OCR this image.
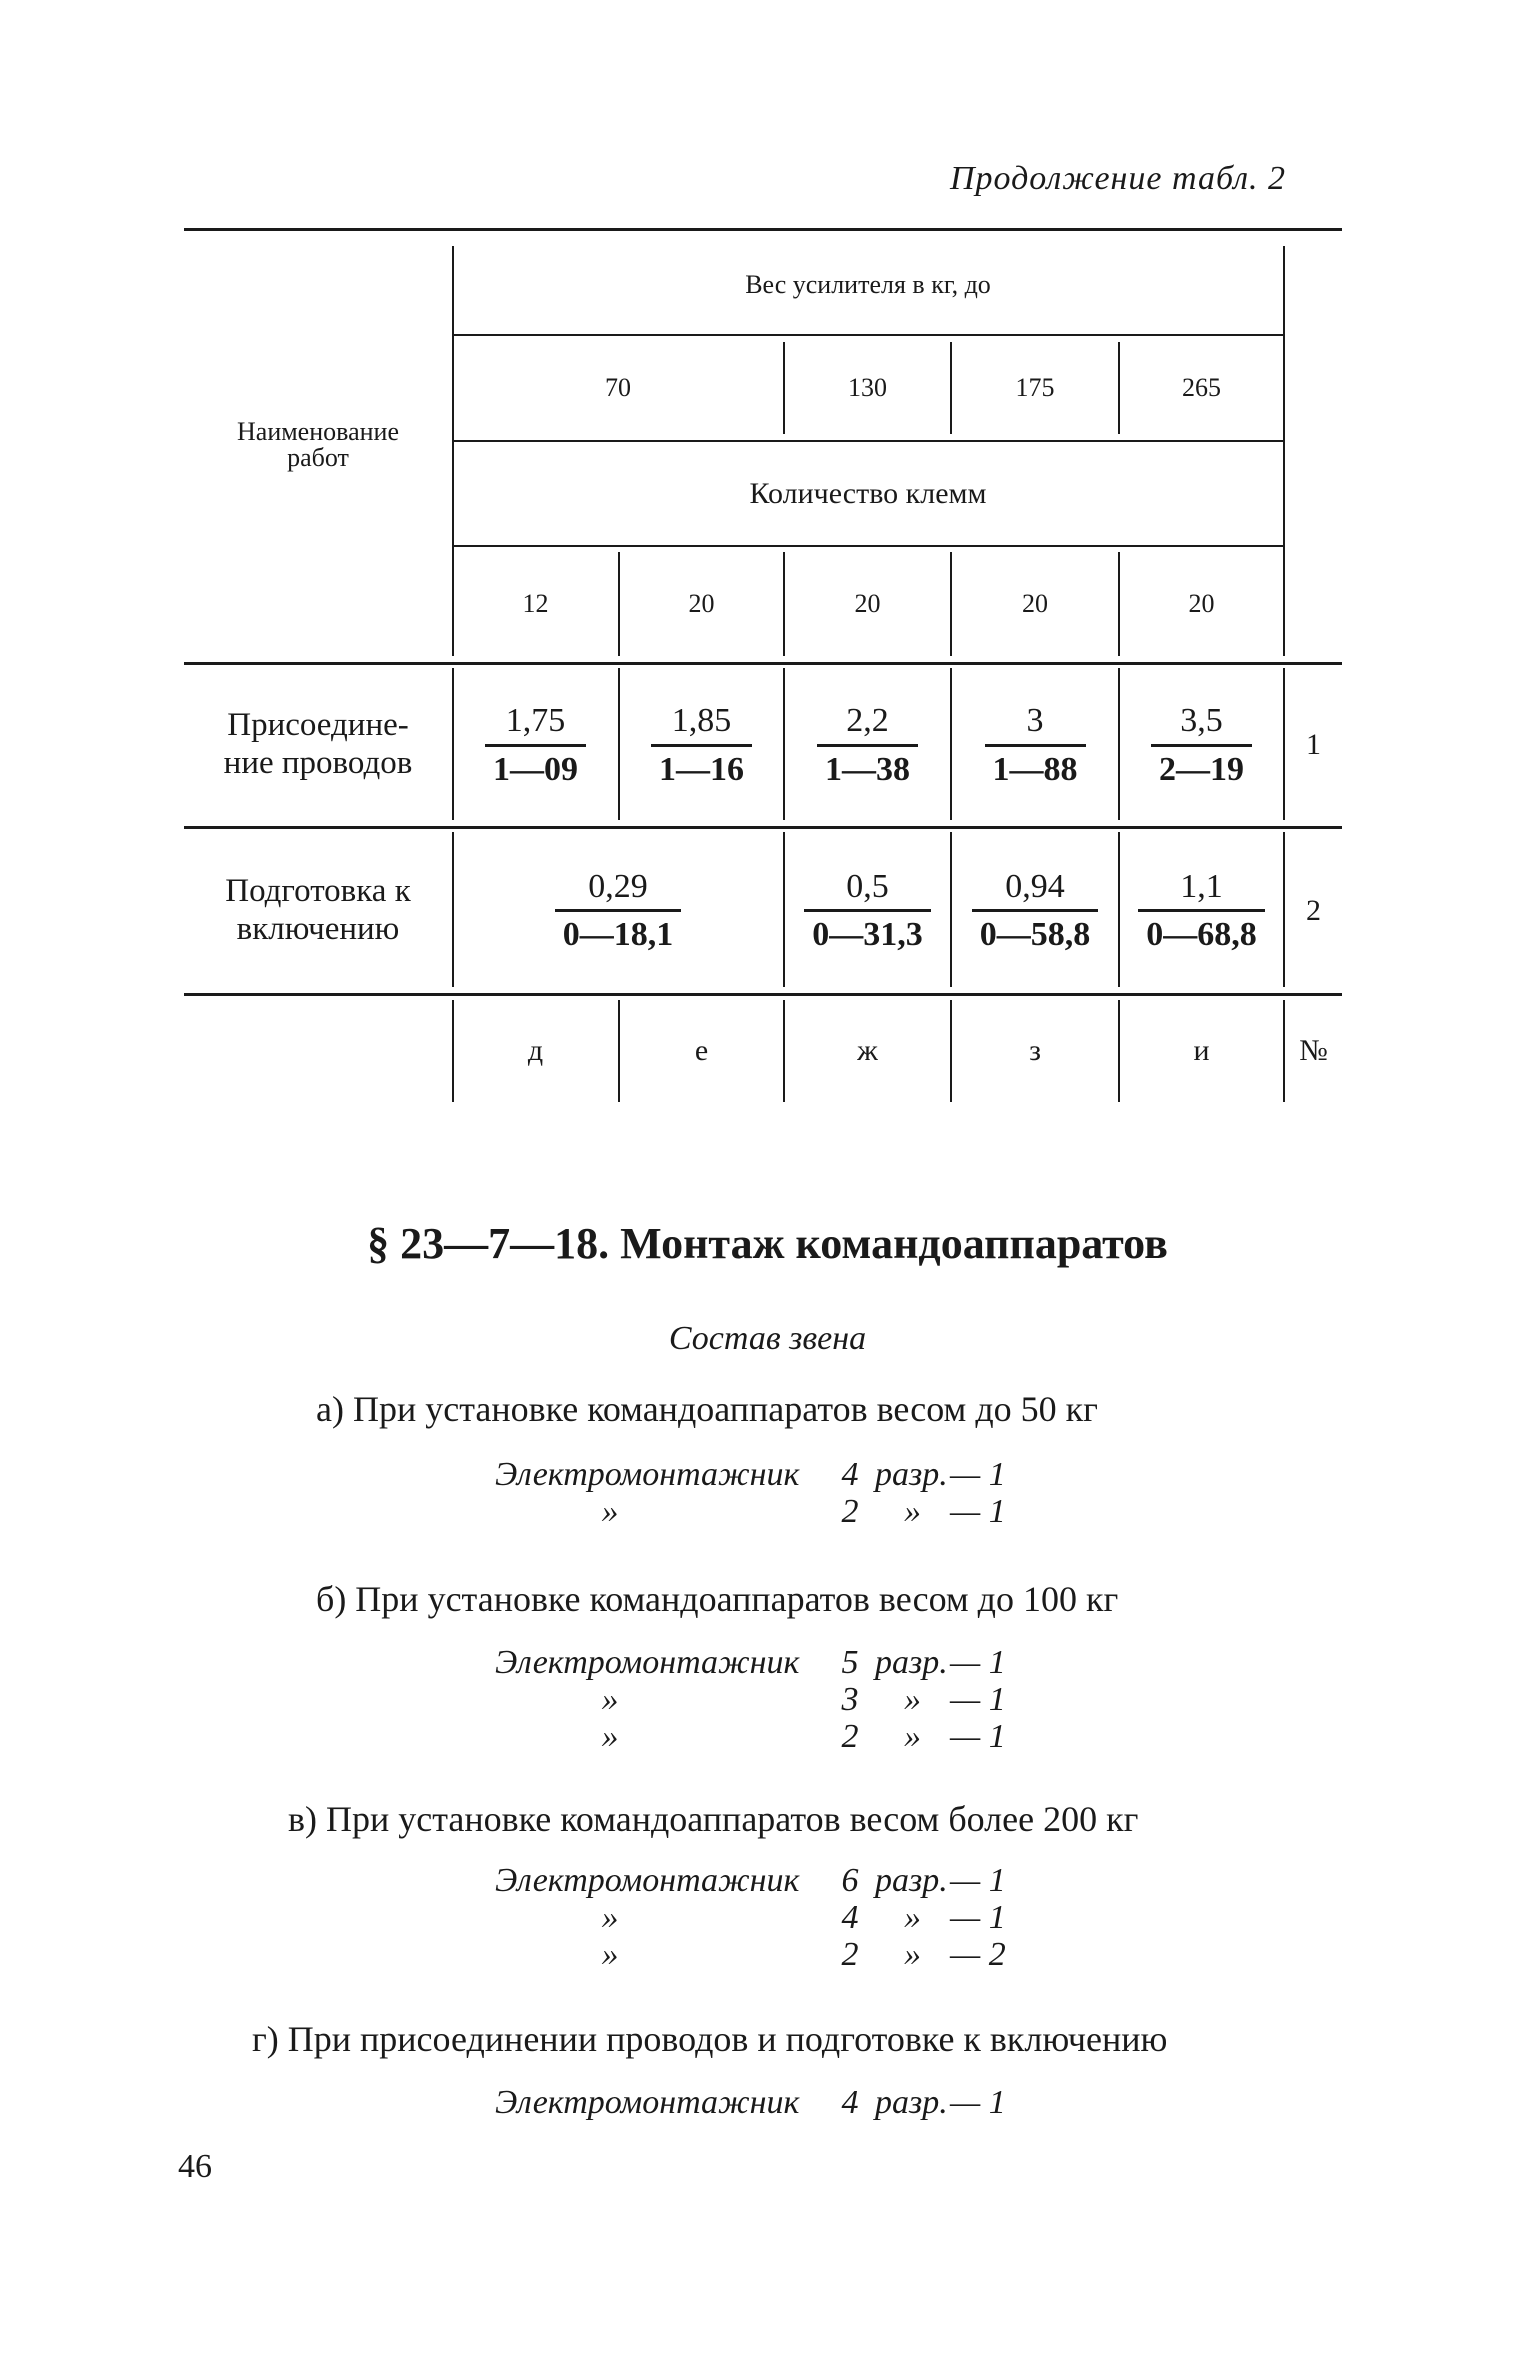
Продолжение табл. 2
Наименование работ
Вес усилителя в кг, до
70	130	175	265
Количество клемм
12	20	20	20	20
Присоедине-ние проводов	$\frac{1,75}{1—09} \frac{1,85}{1—16} \frac{2,2}{1—38} \frac{3}{1—88} \frac{3,5}{2—19}$	1
Подготовка к включению	$\frac{0,29}{0—18,1}$	$\frac{0,5}{0—31,3} \frac{0,94}{0—58,8} \frac{1,1}{0—68,8}$	2
д	е	ж	з	и	№
§ 23—7—18. Монтаж командоаппаратов
Состав звена
а) При установке командоаппаратов весом до 50 кг
Электромонтажник	4 разр. — 1
»	2	» — 1
б) При установке командоаппаратов весом до 100 кг
Электромонтажник	5 разр. — 1
»	3	» — 1
»	2	» — 1
в) При установке командоаппаратов весом более 200 кг
Электромонтажник	6 разр. — 1
»	4	» — 1
»	2	» — 2
г) При присоединении проводов и подготовке к включению
Электромонтажник	4 разр. — 1
46
